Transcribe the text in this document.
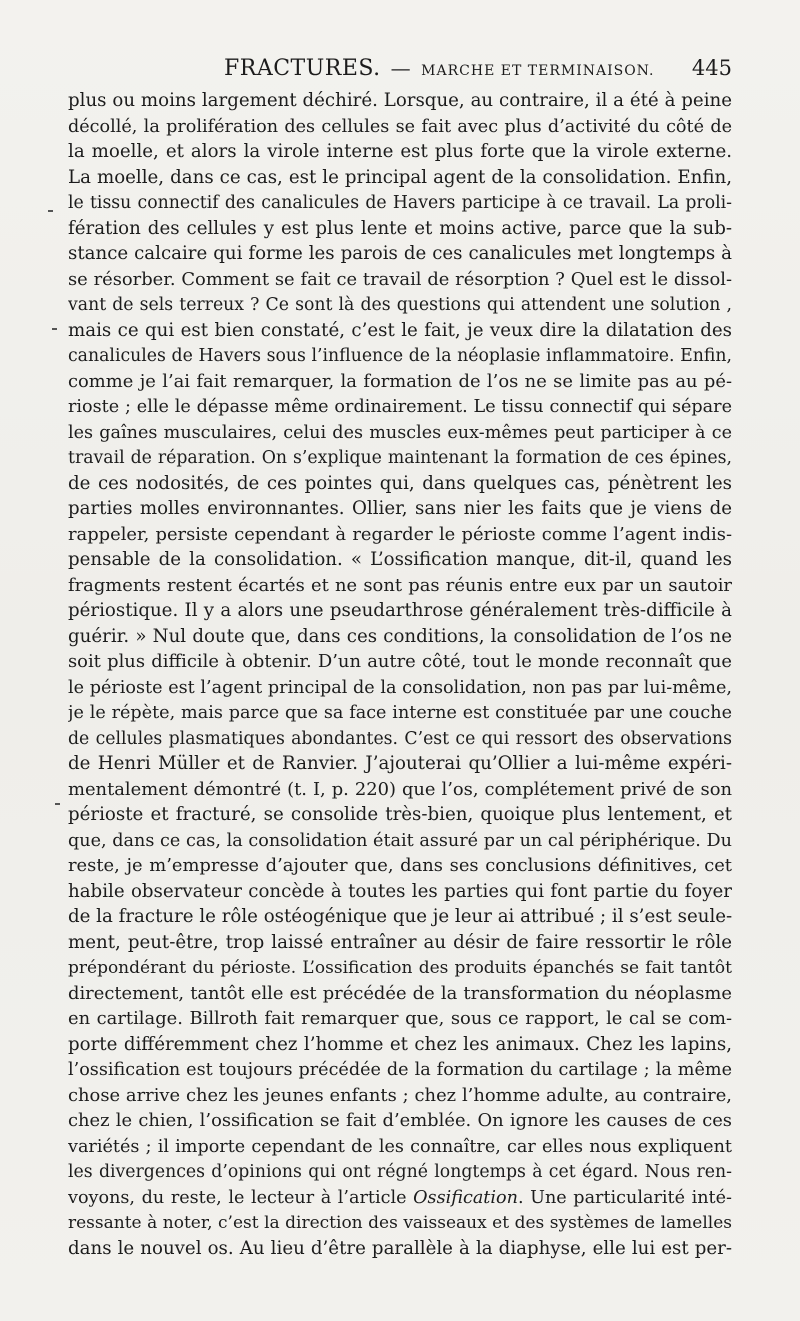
FRACTURES. — MARCHE ET TERMINAISON. 445
plus ou moins largement déchiré. Lorsque, au contraire, il a été à peine
décollé, la prolifération des cellules se fait avec plus d’activité du côté de
la moelle, et alors la virole interne est plus forte que la virole externe.
La moelle, dans ce cas, est le principal agent de la consolidation. Enfin,
le tissu connectif des canalicules de Havers participe à ce travail. La proli-
fération des cellules y est plus lente et moins active, parce que la sub-
stance calcaire qui forme les parois de ces canalicules met longtemps à
se résorber. Comment se fait ce travail de résorption ? Quel est le dissol-
vant de sels terreux ? Ce sont là des questions qui attendent une solution ,
mais ce qui est bien constaté, c’est le fait, je veux dire la dilatation des
canalicules de Havers sous l’influence de la néoplasie inflammatoire. Enfin,
comme je l’ai fait remarquer, la formation de l’os ne se limite pas au pé-
rioste ; elle le dépasse même ordinairement. Le tissu connectif qui sépare
les gaînes musculaires, celui des muscles eux-mêmes peut participer à ce
travail de réparation. On s’explique maintenant la formation de ces épines,
de ces nodosités, de ces pointes qui, dans quelques cas, pénètrent les
parties molles environnantes. Ollier, sans nier les faits que je viens de
rappeler, persiste cependant à regarder le périoste comme l’agent indis-
pensable de la consolidation. « L’ossification manque, dit-il, quand les
fragments restent écartés et ne sont pas réunis entre eux par un sautoir
périostique. Il y a alors une pseudarthrose généralement très-difficile à
guérir. » Nul doute que, dans ces conditions, la consolidation de l’os ne
soit plus difficile à obtenir. D’un autre côté, tout le monde reconnaît que
le périoste est l’agent principal de la consolidation, non pas par lui-même,
je le répète, mais parce que sa face interne est constituée par une couche
de cellules plasmatiques abondantes. C’est ce qui ressort des observations
de Henri Müller et de Ranvier. J’ajouterai qu’Ollier a lui-même expéri-
mentalement démontré (t. I, p. 220) que l’os, complétement privé de son
périoste et fracturé, se consolide très-bien, quoique plus lentement, et
que, dans ce cas, la consolidation était assuré par un cal périphérique. Du
reste, je m’empresse d’ajouter que, dans ses conclusions définitives, cet
habile observateur concède à toutes les parties qui font partie du foyer
de la fracture le rôle ostéogénique que je leur ai attribué ; il s’est seule-
ment, peut-être, trop laissé entraîner au désir de faire ressortir le rôle
prépondérant du périoste. L’ossification des produits épanchés se fait tantôt
directement, tantôt elle est précédée de la transformation du néoplasme
en cartilage. Billroth fait remarquer que, sous ce rapport, le cal se com-
porte différemment chez l’homme et chez les animaux. Chez les lapins,
l’ossification est toujours précédée de la formation du cartilage ; la même
chose arrive chez les jeunes enfants ; chez l’homme adulte, au contraire,
chez le chien, l’ossification se fait d’emblée. On ignore les causes de ces
variétés ; il importe cependant de les connaître, car elles nous expliquent
les divergences d’opinions qui ont régné longtemps à cet égard. Nous ren-
voyons, du reste, le lecteur à l’article Ossification. Une particularité inté-
ressante à noter, c’est la direction des vaisseaux et des systèmes de lamelles
dans le nouvel os. Au lieu d’être parallèle à la diaphyse, elle lui est per-
